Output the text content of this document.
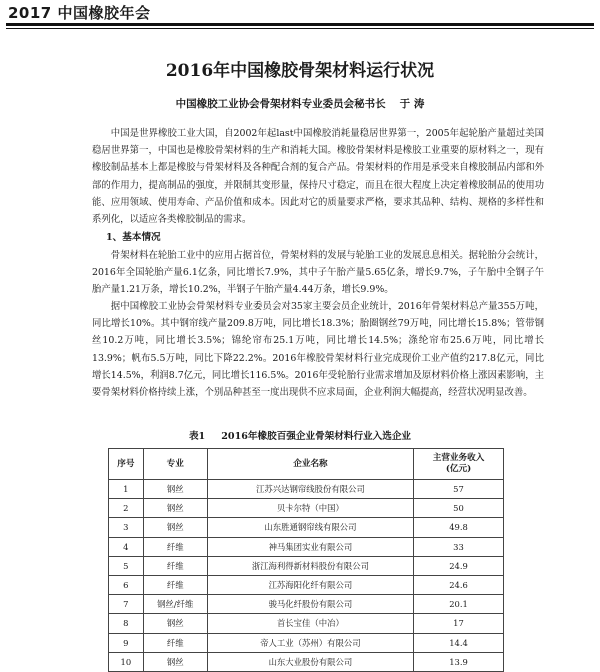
2017 中国橡胶年会
2016年中国橡胶骨架材料运行状况
中国橡胶工业协会骨架材料专业委员会秘书长 于 涛

中国是世界橡胶工业大国，自2002年起last中国橡胶消耗量稳居世界第一，2005年起轮胎产量超过美国稳居世界第一，中国也是橡胶骨架材料的生产和消耗大国。橡胶骨架材料是橡胶工业重要的原材料之一，现有橡胶制品基本上都是橡胶与骨架材料及各种配合剂的复合产品。骨架材料的作用是承受来自橡胶制品内部和外部的作用力，提高制品的强度，并限制其变形量，保持尺寸稳定，而且在很大程度上决定着橡胶制品的使用功能、应用领域、使用寿命、产品价值和成本。因此对它的质量要求严格，要求其品种、结构、规格的多样性和系列化，以适应各类橡胶制品的需求。

1、基本情况

骨架材料在轮胎工业中的应用占据首位，骨架材料的发展与轮胎工业的发展息息相关。据轮胎分会统计，2016年全国轮胎产量6.1亿条，同比增长7.9%，其中子午胎产量5.65亿条，增长9.7%，子午胎中全钢子午胎产量1.21万条，增长10.2%，半钢子午胎产量4.44万条，增长9.9%。

据中国橡胶工业协会骨架材料专业委员会对35家主要会员企业统计，2016年骨架材料总产量355万吨，同比增长10%。其中钢帘线产量209.8万吨，同比增长18.3%；胎圈钢丝79万吨，同比增长15.8%；管带钢丝10.2万吨，同比增长3.5%；锦纶帘布25.1万吨，同比增长14.5%；涤纶帘布25.6万吨，同比增长13.9%；帆布5.5万吨，同比下降22.2%。2016年橡胶骨架材料行业完成现价工业产值约217.8亿元，同比增长14.5%，利润8.7亿元，同比增长116.5%。2016年受轮胎行业需求增加及原材料价格上涨因素影响，主要骨架材料价格持续上涨，个别品种甚至一度出现供不应求局面，企业利润大幅提高，经营状况明显改善。

表1 2016年橡胶百强企业骨架材料行业入选企业
序号	专业	企业名称	主营业务收入
(亿元)
1	钢丝	江苏兴达钢帘线股份有限公司	57
2	钢丝	贝卡尔特（中国）	50
3	钢丝	山东胜通钢帘线有限公司	49.8
4	纤维	神马集团实业有限公司	33
5	纤维	浙江海利得新材料股份有限公司	24.9
6	纤维	江苏海阳化纤有限公司	24.6
7	钢丝/纤维	骏马化纤股份有限公司	20.1
8	钢丝	首长宝佳（中冶）	17
9	纤维	帝人工业（苏州）有限公司	14.4
10	钢丝	山东大业股份有限公司	13.9
